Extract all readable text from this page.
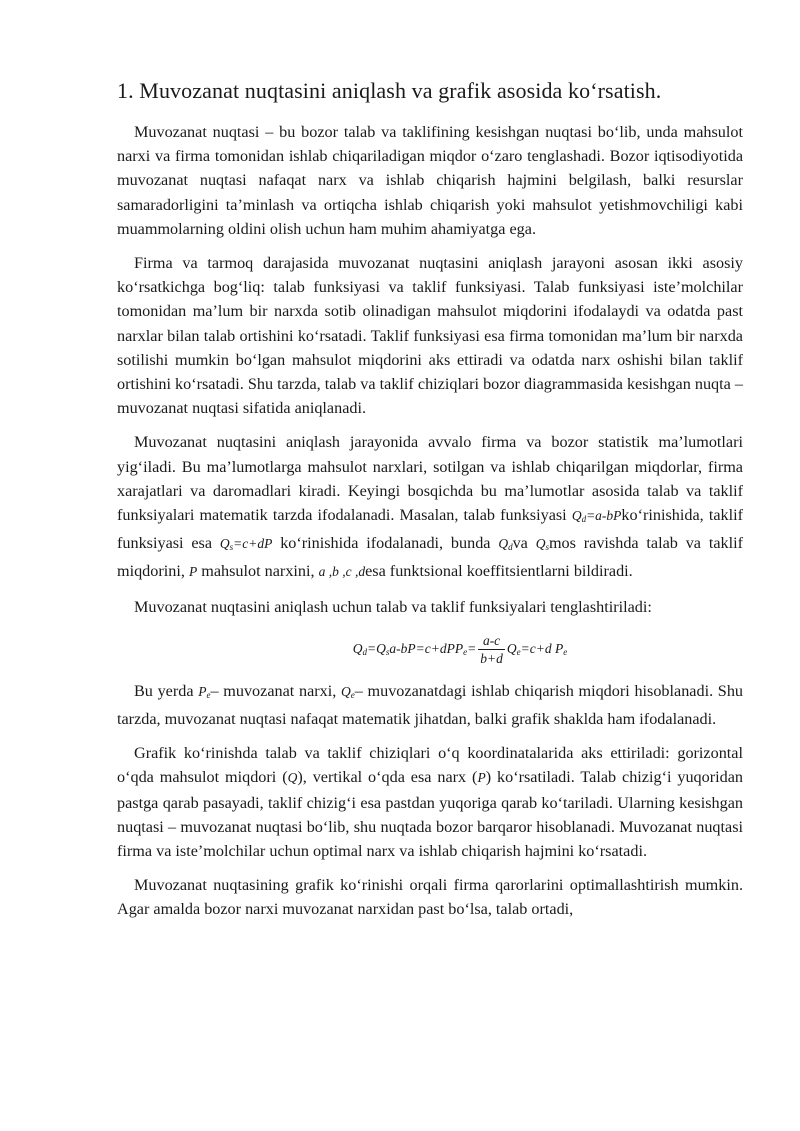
1. Muvozanat nuqtasini aniqlash va grafik asosida ko‘rsatish.

Muvozanat nuqtasi – bu bozor talab va taklifining kesishgan nuqtasi bo‘lib, unda mahsulot narxi va firma tomonidan ishlab chiqariladigan miqdor o‘zaro tenglashadi. Bozor iqtisodiyotida muvozanat nuqtasi nafaqat narx va ishlab chiqarish hajmini belgilash, balki resurslar samaradorligini ta’minlash va ortiqcha ishlab chiqarish yoki mahsulot yetishmovchiligi kabi muammolarning oldini olish uchun ham muhim ahamiyatga ega.

Firma va tarmoq darajasida muvozanat nuqtasini aniqlash jarayoni asosan ikki asosiy ko‘rsatkichga bog‘liq: talab funksiyasi va taklif funksiyasi. Talab funksiyasi iste’molchilar tomonidan ma’lum bir narxda sotib olinadigan mahsulot miqdorini ifodalaydi va odatda past narxlar bilan talab ortishini ko‘rsatadi. Taklif funksiyasi esa firma tomonidan ma’lum bir narxda sotilishi mumkin bo‘lgan mahsulot miqdorini aks ettiradi va odatda narx oshishi bilan taklif ortishini ko‘rsatadi. Shu tarzda, talab va taklif chiziqlari bozor diagrammasida kesishgan nuqta – muvozanat nuqtasi sifatida aniqlanadi.

Muvozanat nuqtasini aniqlash jarayonida avvalo firma va bozor statistik ma’lumotlari yig‘iladi. Bu ma’lumotlarga mahsulot narxlari, sotilgan va ishlab chiqarilgan miqdorlar, firma xarajatlari va daromadlari kiradi. Keyingi bosqichda bu ma’lumotlar asosida talab va taklif funksiyalari matematik tarzda ifodalanadi. Masalan, talab funksiyasi $Q_d=a-bPko‘rinishida$, taklif funksiyasi esa $Q_s=c+dP$ ko‘rinishida ifodalanadi, bunda $Q_dva$ $Q_smos$ ravishda talab va taklif miqdorini, P mahsulot narxini, a ,b ,c ,desa funktsional koeffitsientlarni bildiradi.

Muvozanat nuqtasini aniqlash uchun talab va taklif funksiyalari tenglashtiriladi:

$Q_d=Q_sa-bP=c+dPP_e= \frac{a-c}{b+d} Q_e=c+d$ $P_e$

Bu yerda $P_e-$ muvozanat narxi, $Q_e-$ muvozanatdagi ishlab chiqarish miqdori hisoblanadi. Shu tarzda, muvozanat nuqtasi nafaqat matematik jihatdan, balki grafik shaklda ham ifodalanadi.

Grafik ko‘rinishda talab va taklif chiziqlari o‘q koordinatalarida aks ettiriladi: gorizontal o‘qda mahsulot miqdori (Q), vertikal o‘qda esa narx (P) ko‘rsatiladi. Talab chizig‘i yuqoridan pastga qarab pasayadi, taklif chizig‘i esa pastdan yuqoriga qarab ko‘tariladi. Ularning kesishgan nuqtasi – muvozanat nuqtasi bo‘lib, shu nuqtada bozor barqaror hisoblanadi. Muvozanat nuqtasi firma va iste’molchilar uchun optimal narx va ishlab chiqarish hajmini ko‘rsatadi.

Muvozanat nuqtasining grafik ko‘rinishi orqali firma qarorlarini optimallashtirish mumkin. Agar amalda bozor narxi muvozanat narxidan past bo‘lsa, talab ortadi,
